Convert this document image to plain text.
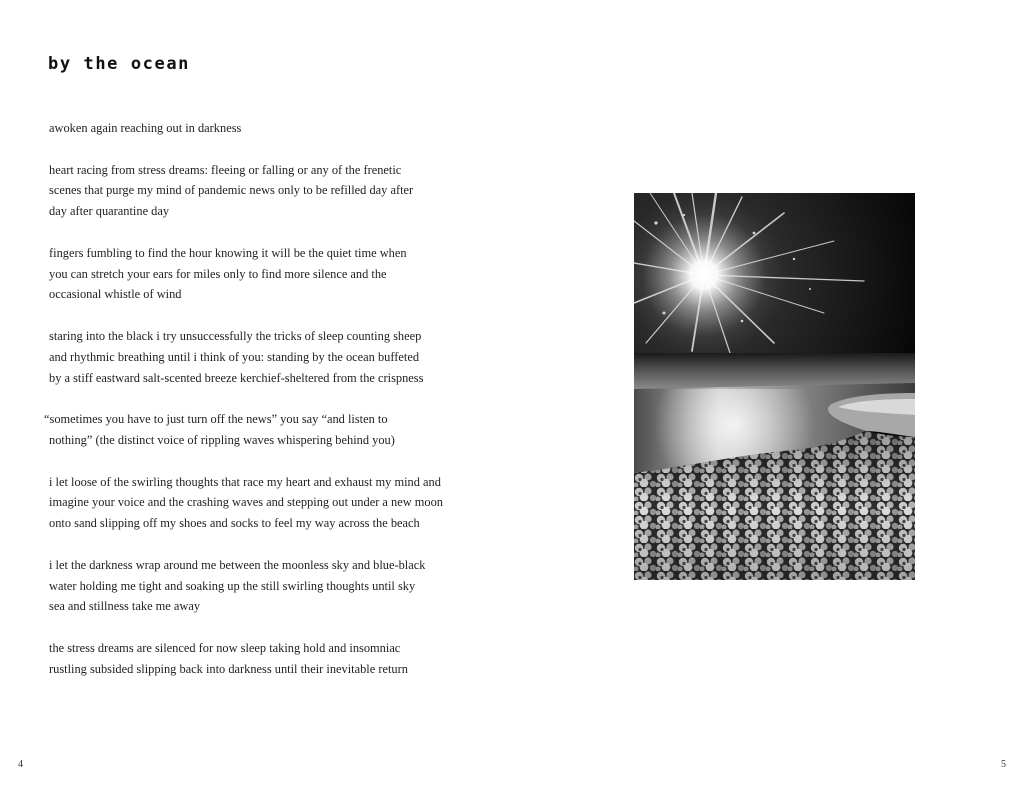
by the ocean

awoken again reaching out in darkness

heart racing from stress dreams: fleeing or falling or any of the frenetic
scenes that purge my mind of pandemic news only to be refilled day after
day after quarantine day

fingers fumbling to find the hour knowing it will be the quiet time when
you can stretch your ears for miles only to find more silence and the
occasional whistle of wind

staring into the black i try unsuccessfully the tricks of sleep counting sheep
and rhythmic breathing until i think of you: standing by the ocean buffeted
by a stiff eastward salt-scented breeze kerchief-sheltered from the crispness

“sometimes you have to just turn off the news” you say “and listen to
nothing” (the distinct voice of rippling waves whispering behind you)

i let loose of the swirling thoughts that race my heart and exhaust my mind and
imagine your voice and the crashing waves and stepping out under a new moon
onto sand slipping off my shoes and socks to feel my way across the beach

i let the darkness wrap around me between the moonless sky and blue-black
water holding me tight and soaking up the still swirling thoughts until sky
sea and stillness take me away

the stress dreams are silenced for now sleep taking hold and insomniac
rustling subsided slipping back into darkness until their inevitable return

4	5
